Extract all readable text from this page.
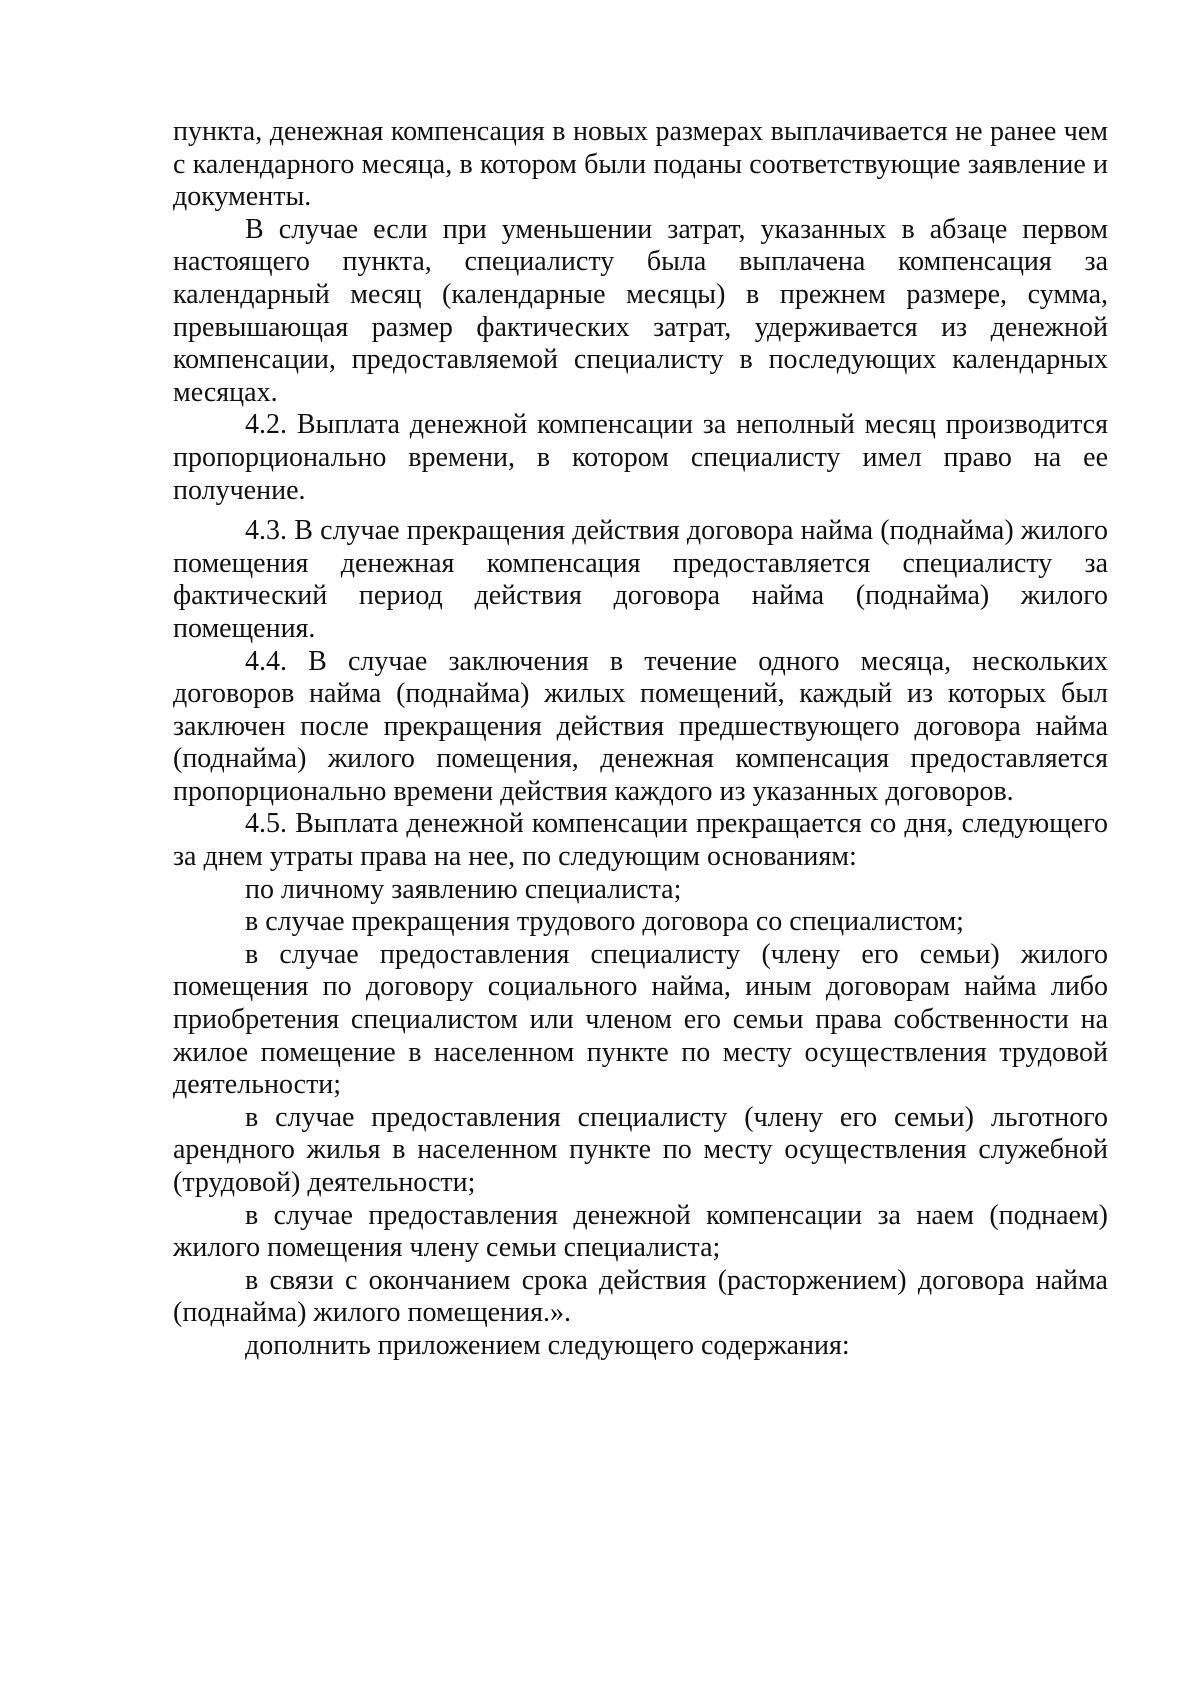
пункта, денежная компенсация в новых размерах выплачивается не ранее чем с календарного месяца, в котором были поданы соответствующие заявление и документы.

В случае если при уменьшении затрат, указанных в абзаце первом настоящего пункта, специалисту была выплачена компенсация за календарный месяц (календарные месяцы) в прежнем размере, сумма, превышающая размер фактических затрат, удерживается из денежной компенсации, предоставляемой специалисту в последующих календарных месяцах.

4.2. Выплата денежной компенсации за неполный месяц производится пропорционально времени, в котором специалисту имел право на ее получение.

4.3. В случае прекращения действия договора найма (поднайма) жилого помещения денежная компенсация предоставляется специалисту за фактический период действия договора найма (поднайма) жилого помещения.

4.4. В случае заключения в течение одного месяца, нескольких договоров найма (поднайма) жилых помещений, каждый из которых был заключен после прекращения действия предшествующего договора найма (поднайма) жилого помещения, денежная компенсация предоставляется пропорционально времени действия каждого из указанных договоров.

4.5. Выплата денежной компенсации прекращается со дня, следующего за днем утраты права на нее, по следующим основаниям:

по личному заявлению специалиста;

в случае прекращения трудового договора со специалистом;

в случае предоставления специалисту (члену его семьи) жилого помещения по договору социального найма, иным договорам найма либо приобретения специалистом или членом его семьи права собственности на жилое помещение в населенном пункте по месту осуществления трудовой деятельности;

в случае предоставления специалисту (члену его семьи) льготного арендного жилья в населенном пункте по месту осуществления служебной (трудовой) деятельности;

в случае предоставления денежной компенсации за наем (поднаем) жилого помещения члену семьи специалиста;

в связи с окончанием срока действия (расторжением) договора найма (поднайма) жилого помещения.».

дополнить приложением следующего содержания:
